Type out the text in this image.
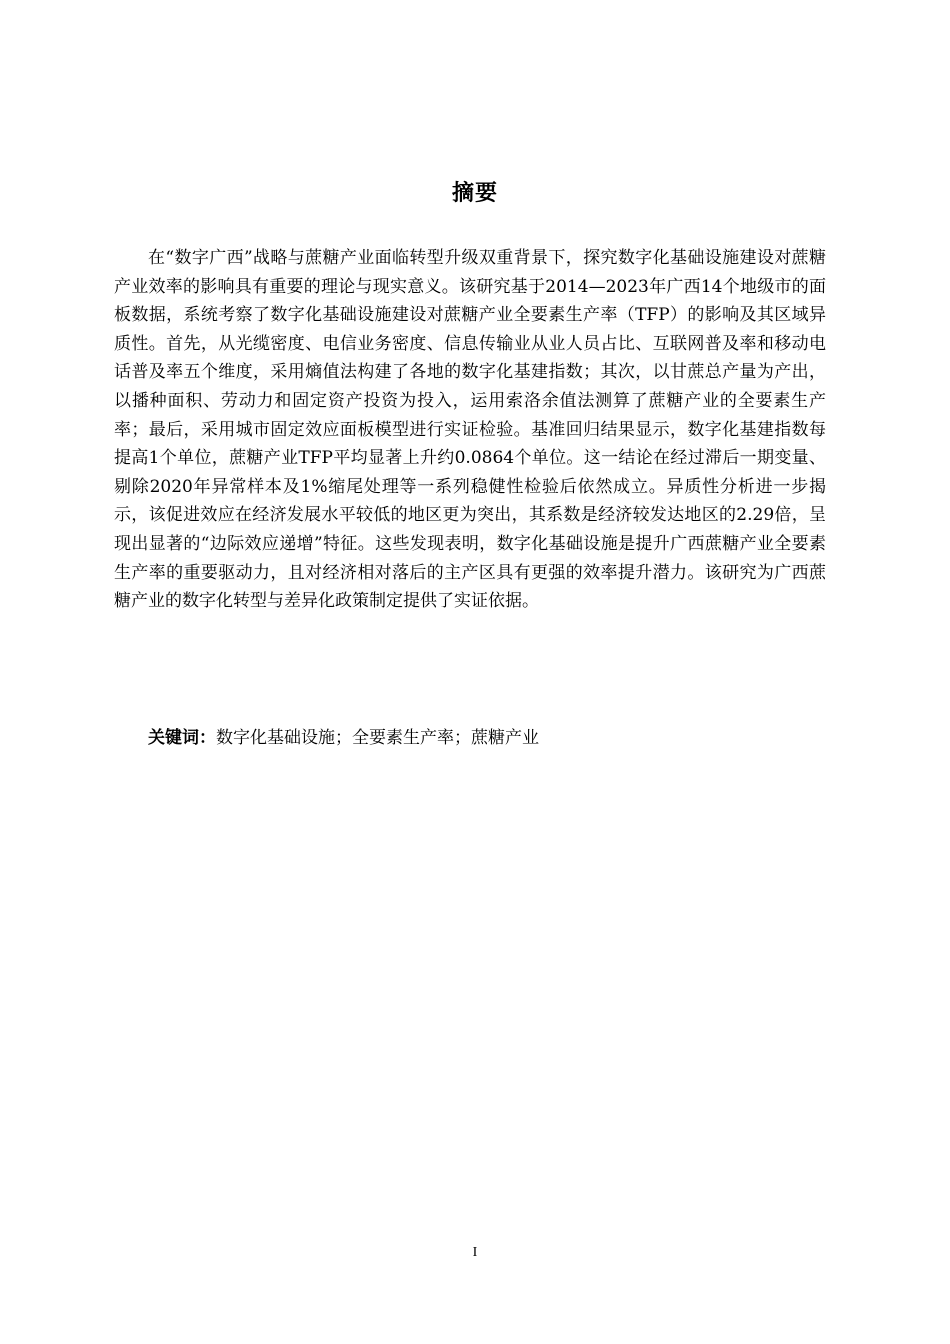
摘要

在“数字广西”战略与蔗糖产业面临转型升级双重背景下，探究数字化基础设施建设对蔗糖产业效率的影响具有重要的理论与现实意义。该研究基于2014—2023年广西14个地级市的面板数据，系统考察了数字化基础设施建设对蔗糖产业全要素生产率（TFP）的影响及其区域异质性。首先，从光缆密度、电信业务密度、信息传输业从业人员占比、互联网普及率和移动电话普及率五个维度，采用熵值法构建了各地的数字化基建指数；其次，以甘蔗总产量为产出，以播种面积、劳动力和固定资产投资为投入，运用索洛余值法测算了蔗糖产业的全要素生产率；最后，采用城市固定效应面板模型进行实证检验。基准回归结果显示，数字化基建指数每提高1个单位，蔗糖产业TFP平均显著上升约0.0864个单位。这一结论在经过滞后一期变量、剔除2020年异常样本及1%缩尾处理等一系列稳健性检验后依然成立。异质性分析进一步揭示，该促进效应在经济发展水平较低的地区更为突出，其系数是经济较发达地区的2.29倍，呈现出显著的“边际效应递增”特征。这些发现表明，数字化基础设施是提升广西蔗糖产业全要素生产率的重要驱动力，且对经济相对落后的主产区具有更强的效率提升潜力。该研究为广西蔗糖产业的数字化转型与差异化政策制定提供了实证依据。

关键词：数字化基础设施；全要素生产率；蔗糖产业

I
